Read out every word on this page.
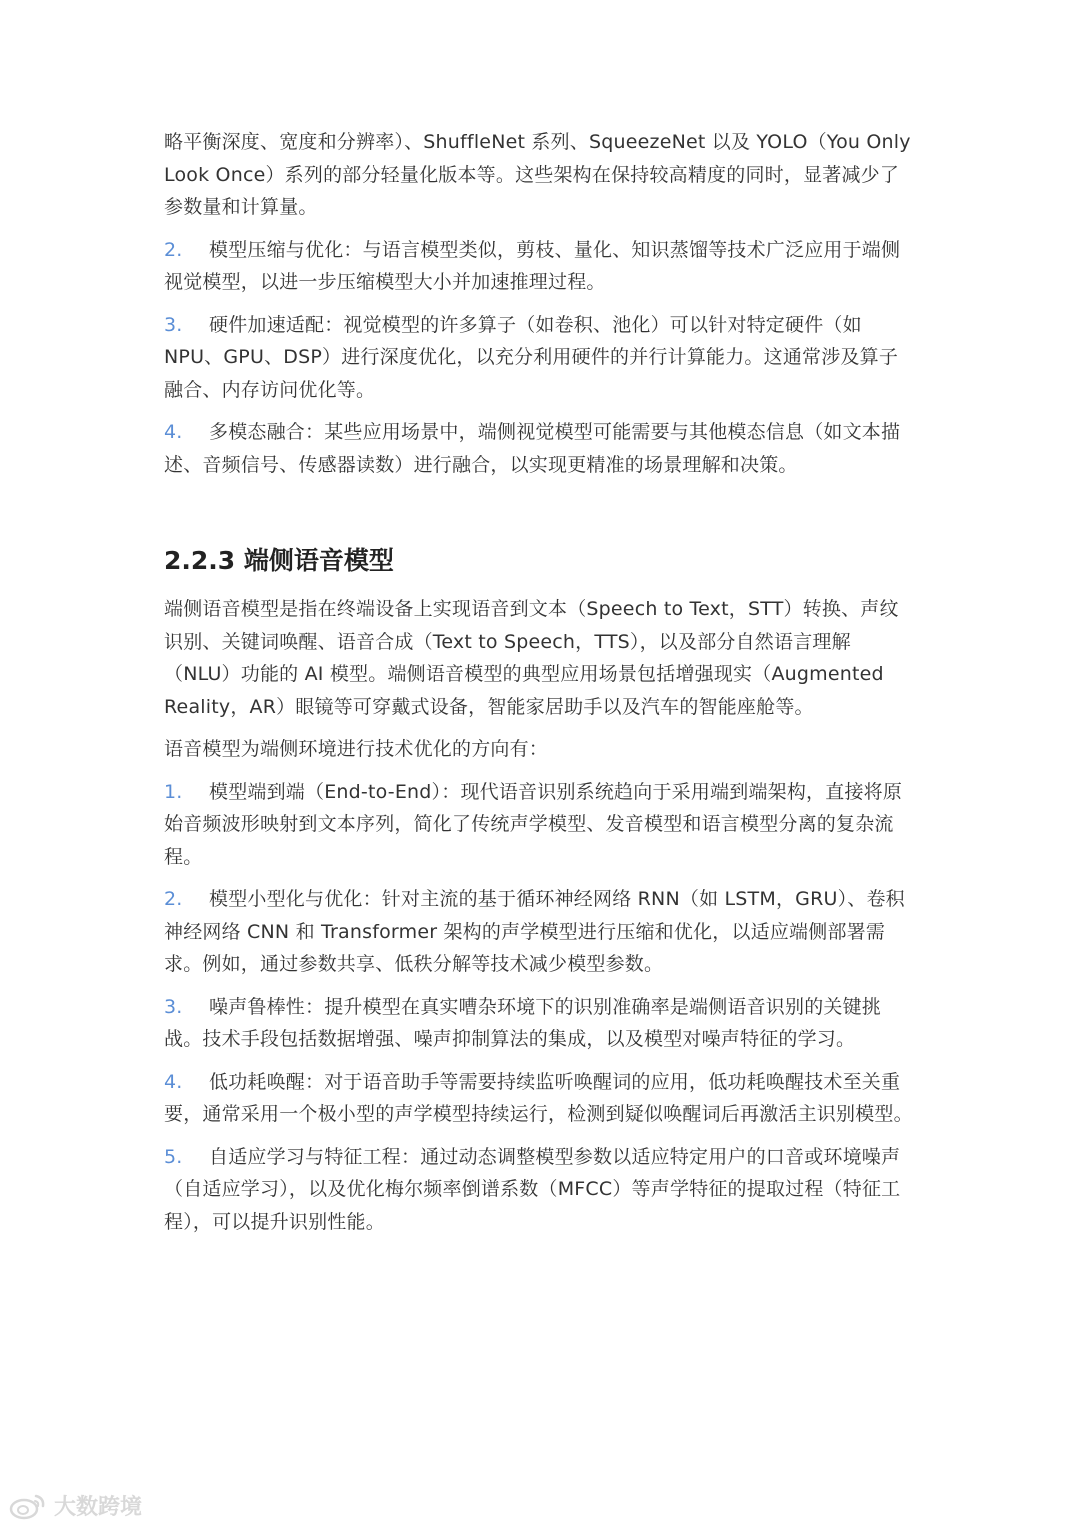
略平衡深度、宽度和分辨率）、ShuffleNet 系列、SqueezeNet 以及 YOLO（You Only Look Once）系列的部分轻量化版本等。这些架构在保持较高精度的同时，显著减少了参数量和计算量。

2. 模型压缩与优化：与语言模型类似，剪枝、量化、知识蒸馏等技术广泛应用于端侧视觉模型，以进一步压缩模型大小并加速推理过程。
3. 硬件加速适配：视觉模型的许多算子（如卷积、池化）可以针对特定硬件（如NPU、GPU、DSP）进行深度优化，以充分利用硬件的并行计算能力。这通常涉及算子融合、内存访问优化等。
4. 多模态融合：某些应用场景中，端侧视觉模型可能需要与其他模态信息（如文本描述、音频信号、传感器读数）进行融合，以实现更精准的场景理解和决策。
2.2.3 端侧语音模型

端侧语音模型是指在终端设备上实现语音到文本（Speech to Text，STT）转换、声纹识别、关键词唤醒、语音合成（Text to Speech，TTS），以及部分自然语言理解（NLU）功能的 AI 模型。端侧语音模型的典型应用场景包括增强现实（Augmented Reality，AR）眼镜等可穿戴式设备，智能家居助手以及汽车的智能座舱等。

语音模型为端侧环境进行技术优化的方向有：

1. 模型端到端（End-to-End）：现代语音识别系统趋向于采用端到端架构，直接将原始音频波形映射到文本序列，简化了传统声学模型、发音模型和语言模型分离的复杂流程。
2. 模型小型化与优化：针对主流的基于循环神经网络 RNN（如 LSTM，GRU）、卷积神经网络 CNN 和 Transformer 架构的声学模型进行压缩和优化，以适应端侧部署需求。例如，通过参数共享、低秩分解等技术减少模型参数。
3. 噪声鲁棒性：提升模型在真实嘈杂环境下的识别准确率是端侧语音识别的关键挑战。技术手段包括数据增强、噪声抑制算法的集成，以及模型对噪声特征的学习。
4. 低功耗唤醒：对于语音助手等需要持续监听唤醒词的应用，低功耗唤醒技术至关重要，通常采用一个极小型的声学模型持续运行，检测到疑似唤醒词后再激活主识别模型。
5. 自适应学习与特征工程：通过动态调整模型参数以适应特定用户的口音或环境噪声（自适应学习），以及优化梅尔频率倒谱系数（MFCC）等声学特征的提取过程（特征工程），可以提升识别性能。
大数跨境
